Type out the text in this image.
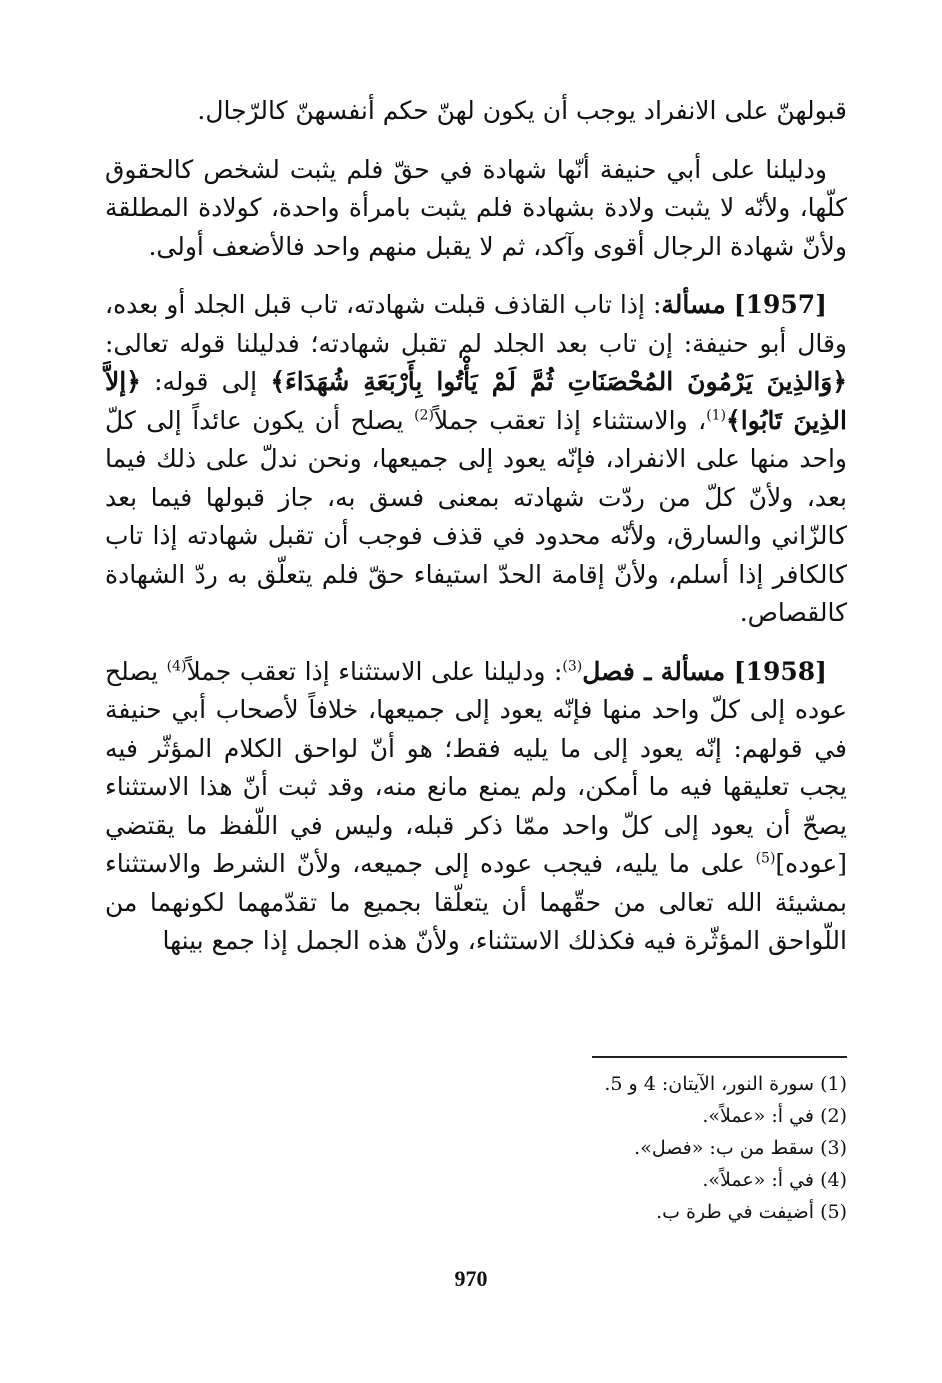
قبولهنّ على الانفراد يوجب أن يكون لهنّ حكم أنفسهنّ كالرّجال.

ودليلنا على أبي حنيفة أنّها شهادة في حقّ فلم يثبت لشخص كالحقوق كلّها، ولأنّه لا يثبت ولادة بشهادة فلم يثبت بامرأة واحدة، كولادة المطلقة ولأنّ شهادة الرجال أقوى وآكد، ثم لا يقبل منهم واحد فالأضعف أولى.

[1957] مسألة: إذا تاب القاذف قبلت شهادته، تاب قبل الجلد أو بعده، وقال أبو حنيفة: إن تاب بعد الجلد لم تقبل شهادته؛ فدليلنا قوله تعالى: ﴿وَالذِينَ يَرْمُونَ المُحْصَنَاتِ ثُمَّ لَمْ يَأْتُوا بِأَرْبَعَةِ شُهَدَاءَ﴾ إلى قوله: ﴿إلاَّ الذِينَ تَابُوا﴾$^{(1)}$، والاستثناء إذا تعقب جملاً$^{(2)}$ يصلح أن يكون عائداً إلى كلّ واحد منها على الانفراد، فإنّه يعود إلى جميعها، ونحن ندلّ على ذلك فيما بعد، ولأنّ كلّ من ردّت شهادته بمعنى فسق به، جاز قبولها فيما بعد كالزّاني والسارق، ولأنّه محدود في قذف فوجب أن تقبل شهادته إذا تاب كالكافر إذا أسلم، ولأنّ إقامة الحدّ استيفاء حقّ فلم يتعلّق به ردّ الشهادة كالقصاص.

[1958] مسألة ـ فصل$^{(3)}$: ودليلنا على الاستثناء إذا تعقب جملاً$^{(4)}$ يصلح عوده إلى كلّ واحد منها فإنّه يعود إلى جميعها، خلافاً لأصحاب أبي حنيفة في قولهم: إنّه يعود إلى ما يليه فقط؛ هو أنّ لواحق الكلام المؤثّر فيه يجب تعليقها فيه ما أمكن، ولم يمنع مانع منه، وقد ثبت أنّ هذا الاستثناء يصحّ أن يعود إلى كلّ واحد ممّا ذكر قبله، وليس في اللّفظ ما يقتضي [عوده]$^{(5)}$ على ما يليه، فيجب عوده إلى جميعه، ولأنّ الشرط والاستثناء بمشيئة الله تعالى من حقّهما أن يتعلّقا بجميع ما تقدّمهما لكونهما من اللّواحق المؤثّرة فيه فكذلك الاستثناء، ولأنّ هذه الجمل إذا جمع بينها

(1) سورة النور، الآيتان: 4 و 5.
(2) في أ: «عملاً».
(3) سقط من ب: «فصل».
(4) في أ: «عملاً».
(5) أضيفت في طرة ب.
970
